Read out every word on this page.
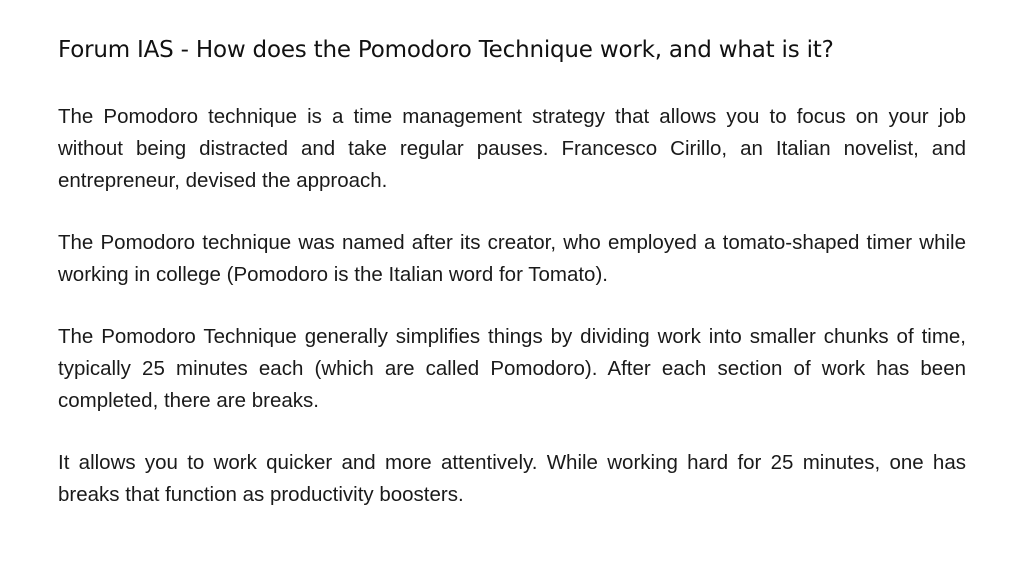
Forum IAS - How does the Pomodoro Technique work, and what is it?

The Pomodoro technique is a time management strategy that allows you to focus on your job without being distracted and take regular pauses. Francesco Cirillo, an Italian novelist, and entrepreneur, devised the approach.

The Pomodoro technique was named after its creator, who employed a tomato-shaped timer while working in college (Pomodoro is the Italian word for Tomato).

The Pomodoro Technique generally simplifies things by dividing work into smaller chunks of time, typically 25 minutes each (which are called Pomodoro). After each section of work has been completed, there are breaks.

It allows you to work quicker and more attentively. While working hard for 25 minutes, one has breaks that function as productivity boosters.
